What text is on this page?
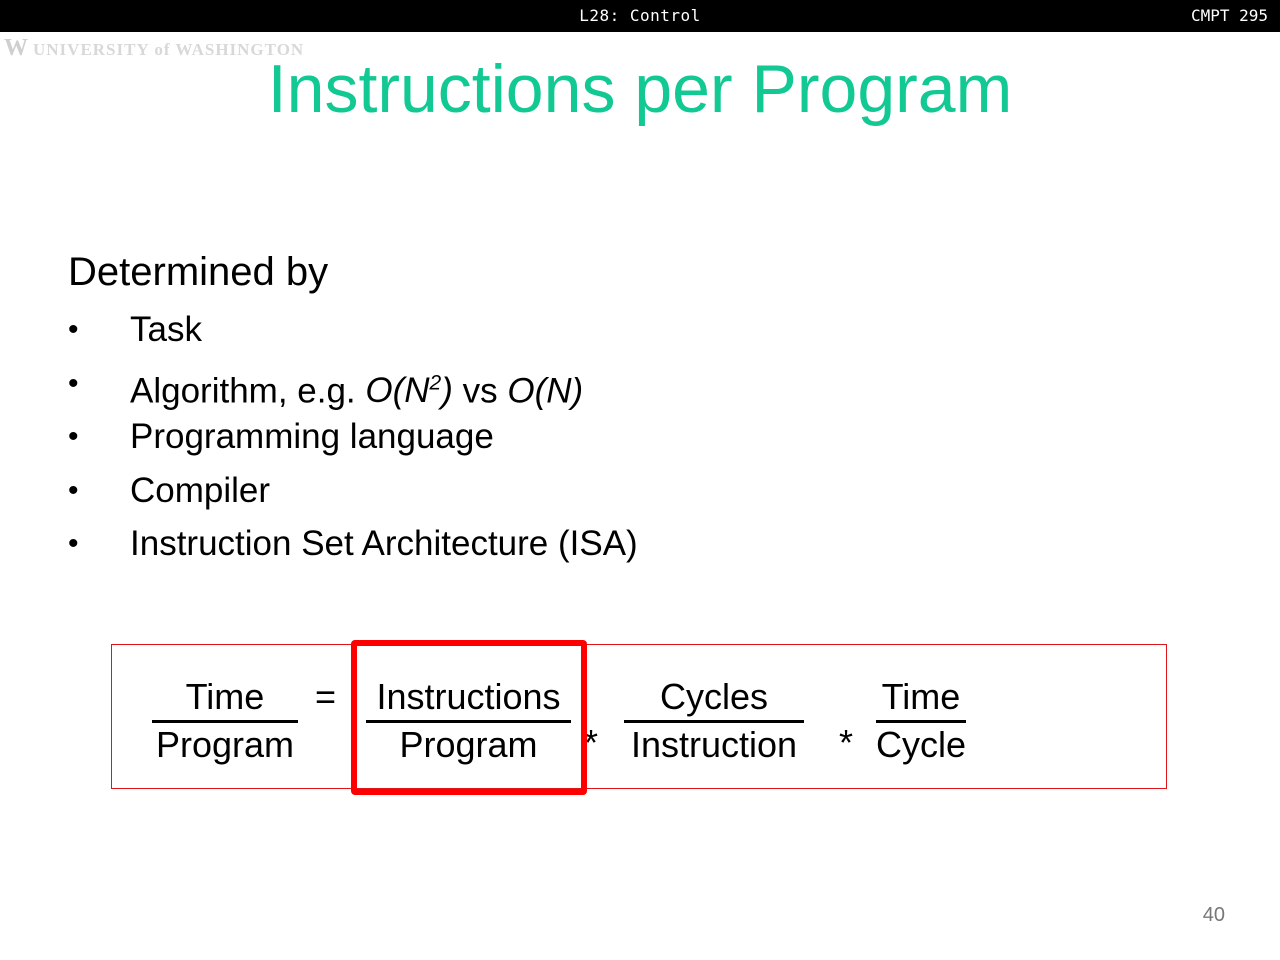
L28: Control	CMPT 295
W UNIVERSITY of WASHINGTON
Instructions per Program
Determined by
• Task
• Algorithm, e.g. $O(N^2)$ vs O(N)
• Programming language
• Compiler
• Instruction Set Architecture (ISA)
Time
Program
= Instructions
Program	*
Cycles
Instruction *
Time
Cycle
40
